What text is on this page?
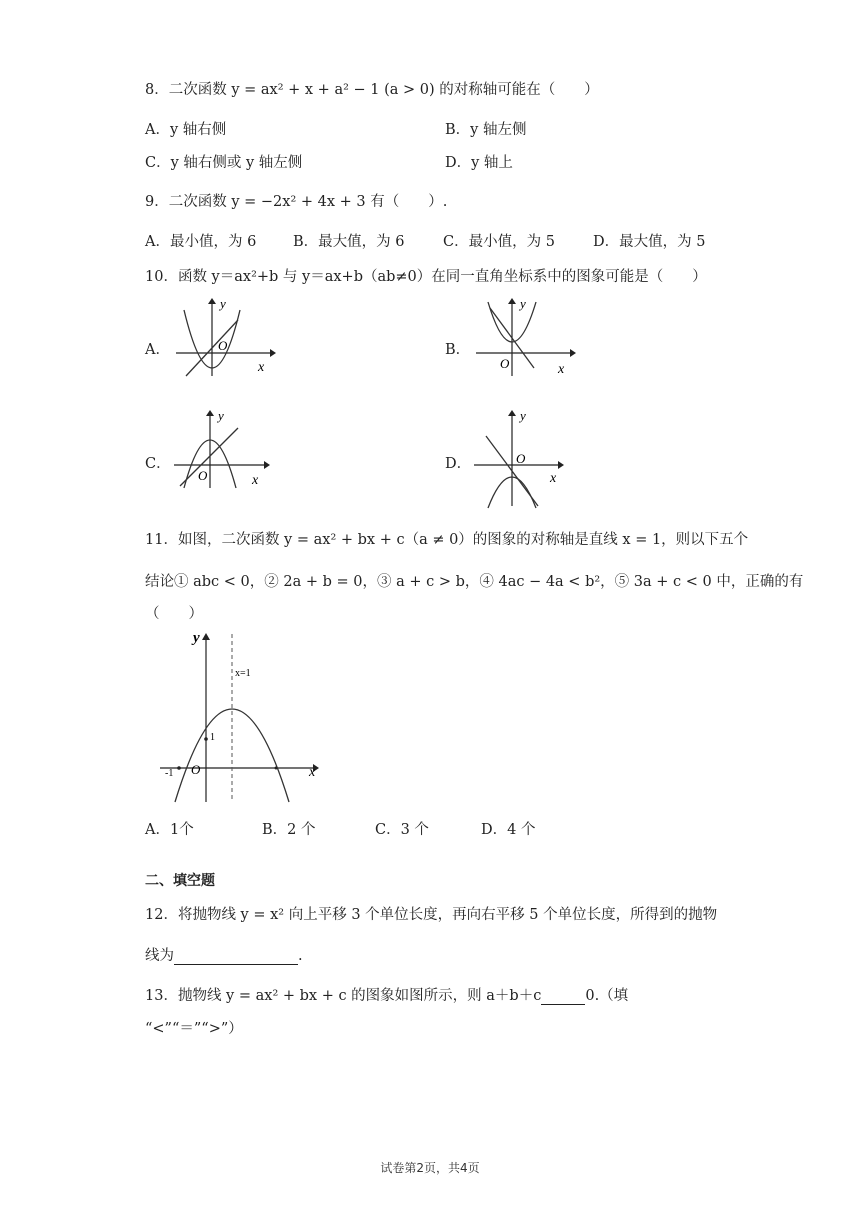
8．二次函数 y = ax² + x + a² − 1 (a > 0) 的对称轴可能在（　　）
A．y 轴右侧	B．y 轴左侧
C．y 轴右侧或 y 轴左侧	D．y 轴上
9．二次函数 y = −2x² + 4x + 3 有（　　）.
A．最小值，为 6	B．最大值，为 6	C．最小值，为 5	D．最大值，为 5
10．函数 y＝ax²+b 与 y＝ax+b（ab≠0）在同一直角坐标系中的图象可能是（　　）
A．
x
y
O	B．
x
y
O
C．
x
y
O
D．
x
y
O
11．如图，二次函数 y = ax² + bx + c（a ≠ 0）的图象的对称轴是直线 x = 1，则以下五个
结论① abc < 0，② 2a + b = 0，③ a + c > b，④ 4ac − 4a < b²，⑤ 3a + c < 0 中，正确的有
（　　）
y
x
O
x=1
1
-1
A．1个	B．2 个	C．3 个	D．4 个
二、填空题
12．将抛物线 y = x² 向上平移 3 个单位长度，再向右平移 5 个单位长度，所得到的抛物
线为	.
13．抛物线 y = ax² + bx + c 的图象如图所示，则 a＋b＋c	0.（填
“<”“＝”“>”）
试卷第2页，共4页
